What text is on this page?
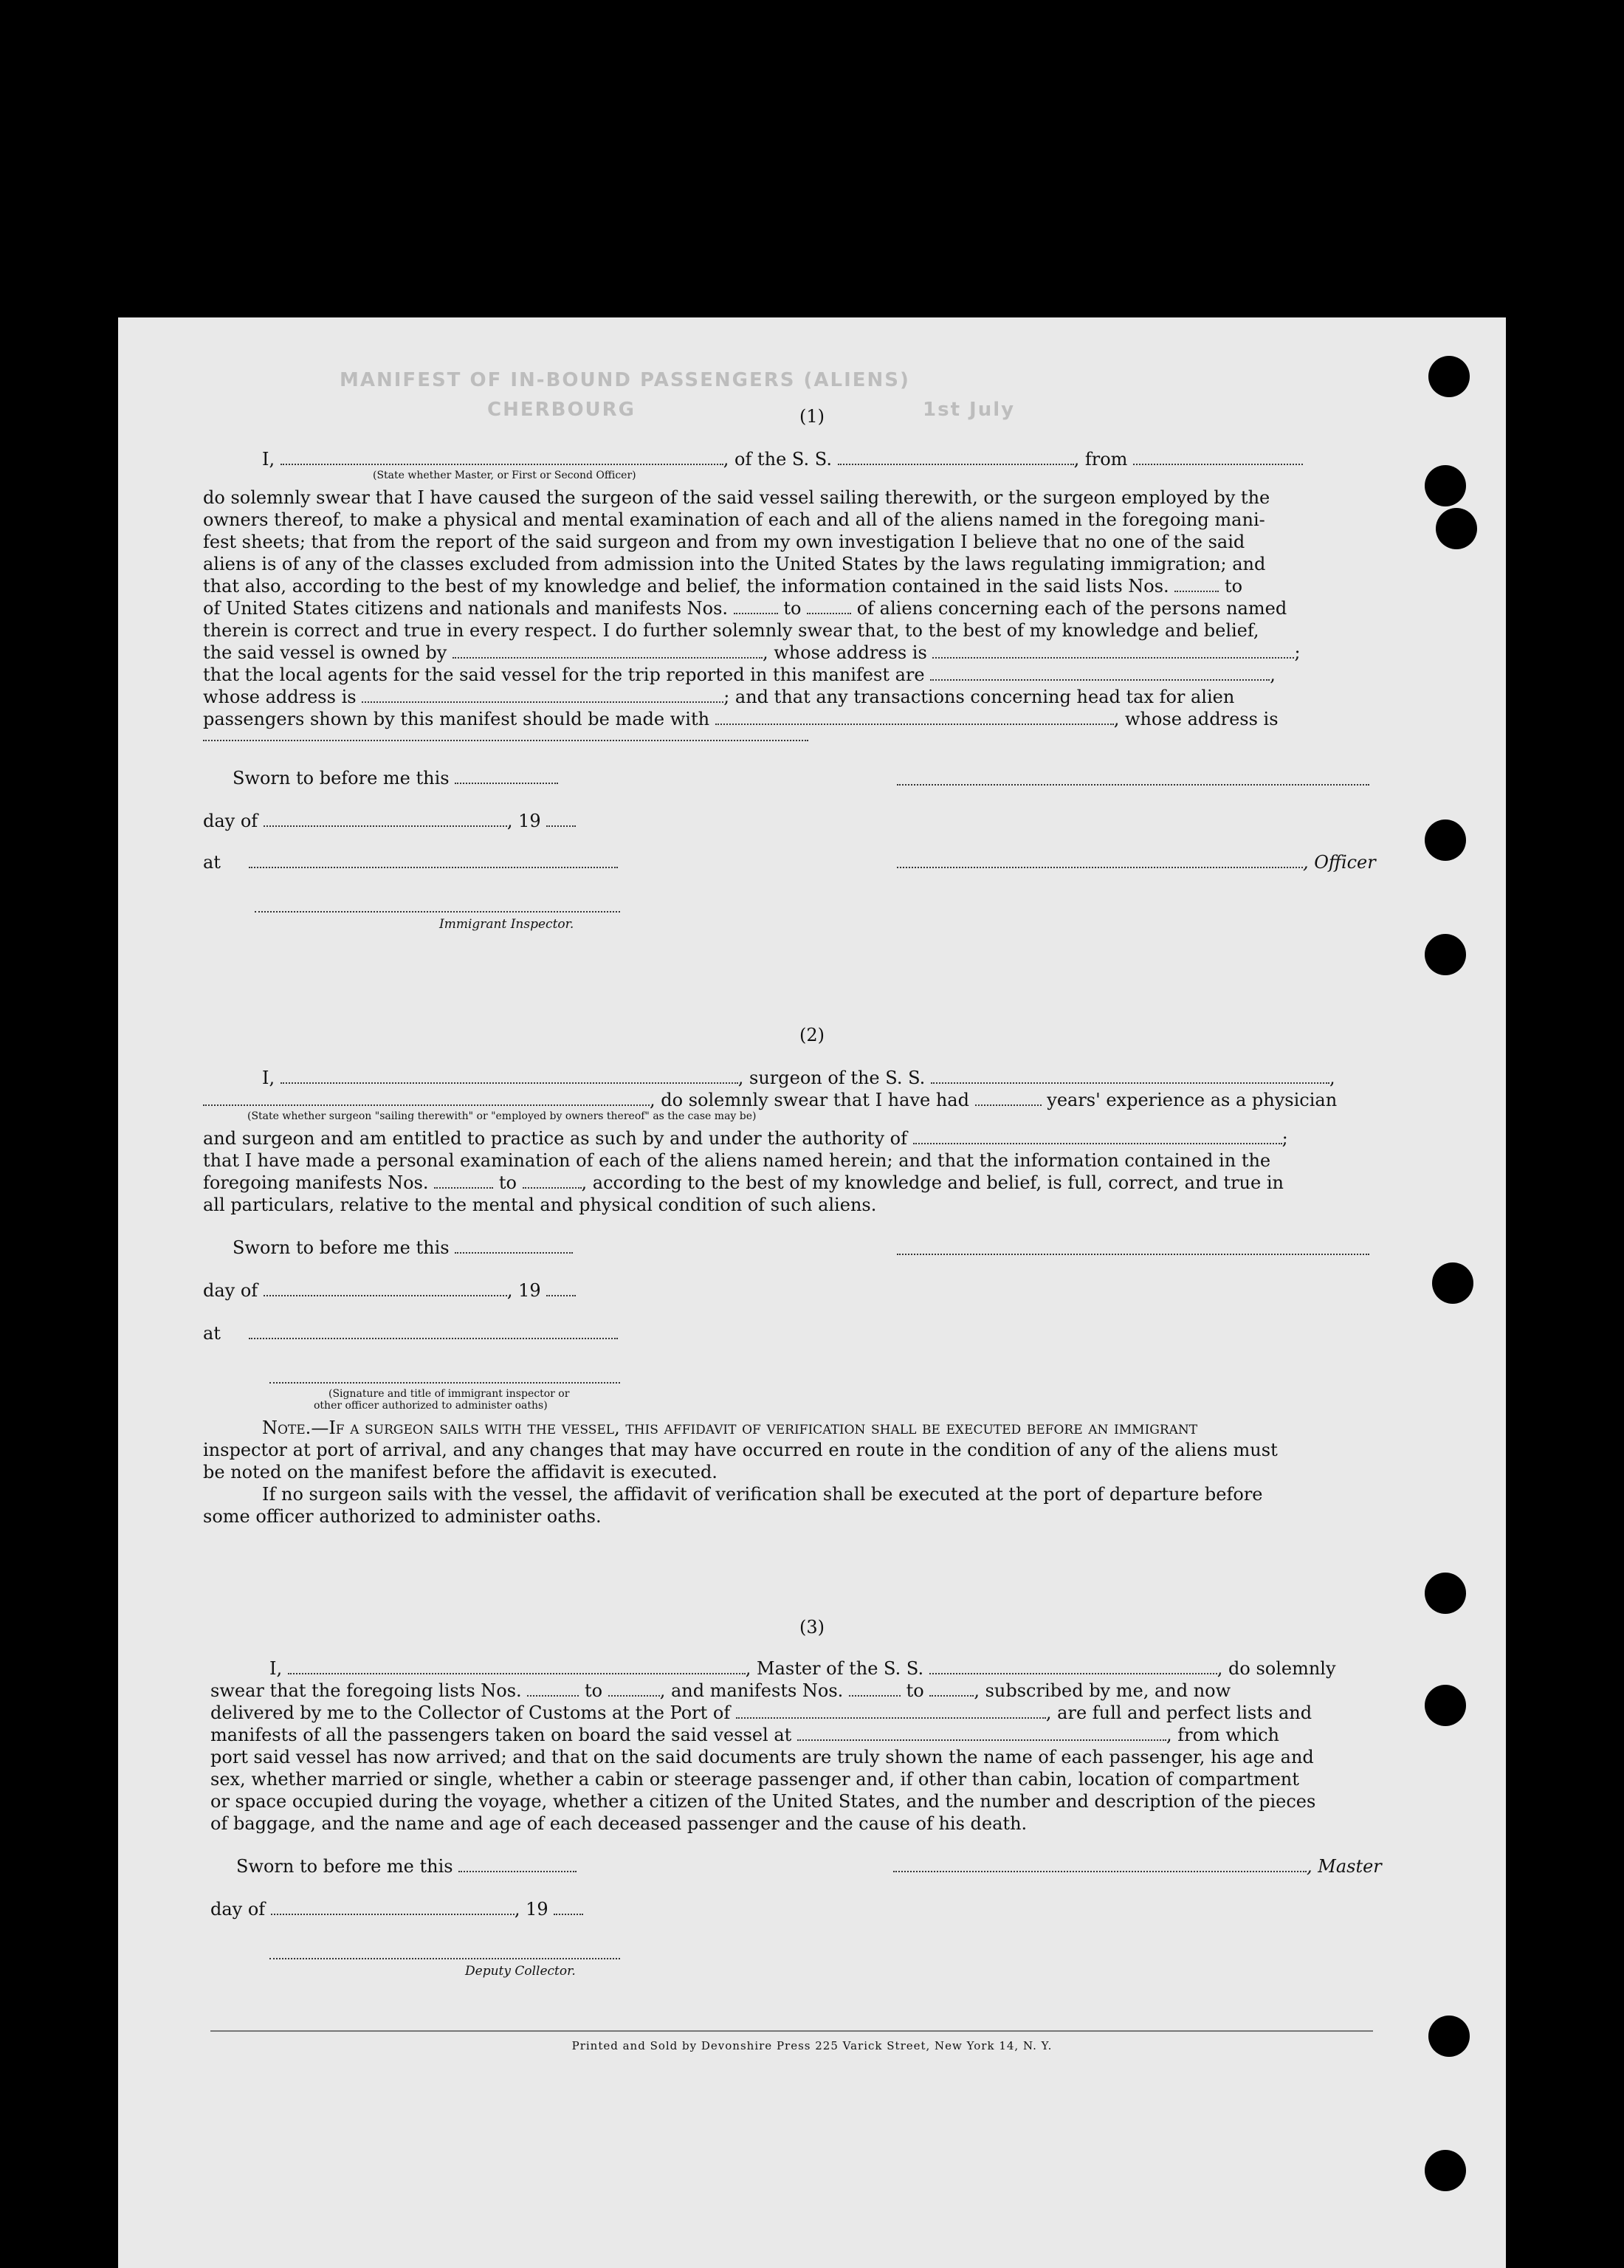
MANIFEST OF IN-BOUND PASSENGERS (ALIENS)
CHERBOURG	1st July
(1)
I,	, of the S. S.	, from
(State whether Master, or First or Second Officer)
do solemnly swear that I have caused the surgeon of the said vessel sailing therewith, or the surgeon employed by the
owners thereof, to make a physical and mental examination of each and all of the aliens named in the foregoing mani-
fest sheets; that from the report of the said surgeon and from my own investigation I believe that no one of the said
aliens is of any of the classes excluded from admission into the United States by the laws regulating immigration; and
that also, according to the best of my knowledge and belief, the information contained in the said lists Nos.	to
of United States citizens and nationals and manifests Nos.	to	of aliens concerning each of the persons named
therein is correct and true in every respect. I do further solemnly swear that, to the best of my knowledge and belief,
the said vessel is owned by	, whose address is	;
that the local agents for the said vessel for the trip reported in this manifest are	,
whose address is	; and that any transactions concerning head tax for alien
passengers shown by this manifest should be made with	, whose address is
Sworn to before me this
day of	, 19
at	, Officer
Immigrant Inspector.
(2)
I,	, surgeon of the S. S.	,
, do solemnly swear that I have had	years' experience as a physician
(State whether surgeon "sailing therewith" or "employed by owners thereof" as the case may be)
and surgeon and am entitled to practice as such by and under the authority of	;
that I have made a personal examination of each of the aliens named herein; and that the information contained in the
foregoing manifests Nos.	to	, according to the best of my knowledge and belief, is full, correct, and true in
all particulars, relative to the mental and physical condition of such aliens.
Sworn to before me this
day of	, 19
at
(Signature and title of immigrant inspector or
other officer authorized to administer oaths)
Note.—If a surgeon sails with the vessel, this affidavit of verification shall be executed before an immigrant
inspector at port of arrival, and any changes that may have occurred en route in the condition of any of the aliens must
be noted on the manifest before the affidavit is executed.
If no surgeon sails with the vessel, the affidavit of verification shall be executed at the port of departure before
some officer authorized to administer oaths.
(3)
I,	, Master of the S. S.	, do solemnly
swear that the foregoing lists Nos.	to	, and manifests Nos.	to	, subscribed by me, and now
delivered by me to the Collector of Customs at the Port of	, are full and perfect lists and
manifests of all the passengers taken on board the said vessel at	, from which
port said vessel has now arrived; and that on the said documents are truly shown the name of each passenger, his age and
sex, whether married or single, whether a cabin or steerage passenger and, if other than cabin, location of compartment
or space occupied during the voyage, whether a citizen of the United States, and the number and description of the pieces
of baggage, and the name and age of each deceased passenger and the cause of his death.
Sworn to before me this	, Master
day of	, 19
Deputy Collector.
Printed and Sold by Devonshire Press 225 Varick Street, New York 14, N. Y.
